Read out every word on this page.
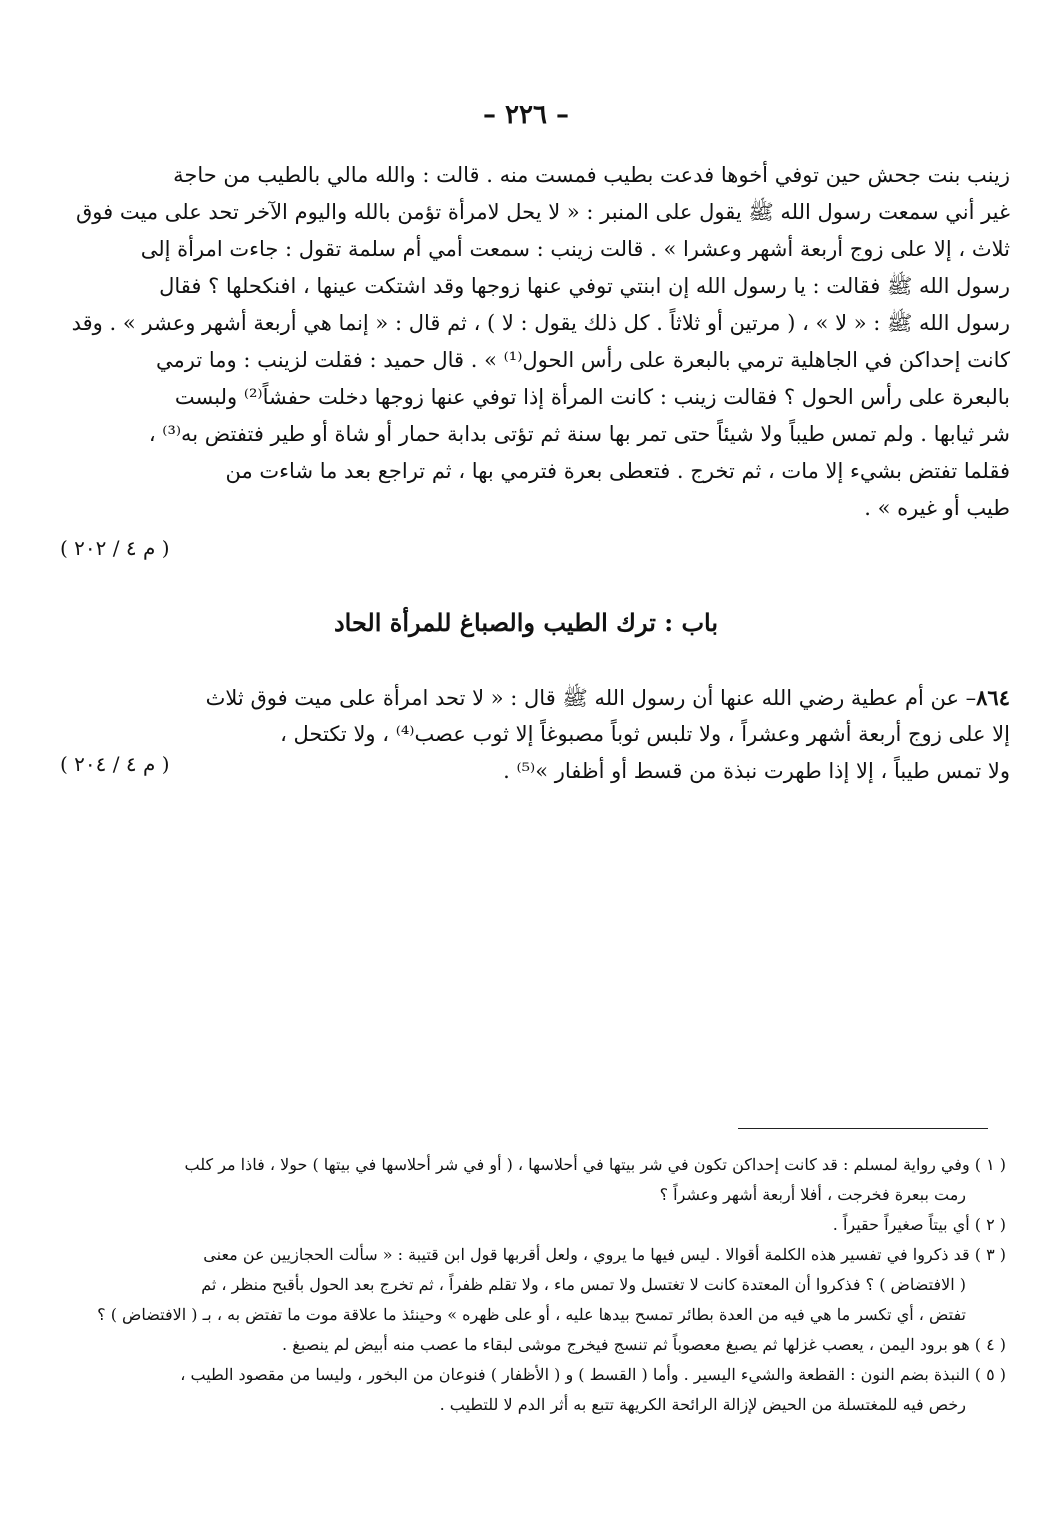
– ٢٢٦ –
زينب بنت جحش حين توفي أخوها فدعت بطيب فمست منه . قالت : والله مالي بالطيب من حاجة
غير أني سمعت رسول الله ﷺ يقول على المنبر : « لا يحل لامرأة تؤمن بالله واليوم الآخر تحد على ميت فوق
ثلاث ، إلا على زوج أربعة أشهر وعشرا » . قالت زينب : سمعت أمي أم سلمة تقول : جاءت امرأة إلى
رسول الله ﷺ فقالت : يا رسول الله إن ابنتي توفي عنها زوجها وقد اشتكت عينها ، افنكحلها ؟ فقال
رسول الله ﷺ : « لا » ، ( مرتين أو ثلاثاً . كل ذلك يقول : لا ) ، ثم قال : « إنما هي أربعة أشهر وعشر » . وقد
كانت إحداكن في الجاهلية ترمي بالبعرة على رأس الحول⁽¹⁾ » . قال حميد : فقلت لزينب : وما ترمي
بالبعرة على رأس الحول ؟ فقالت زينب : كانت المرأة إذا توفي عنها زوجها دخلت حفشاً⁽²⁾ ولبست
شر ثيابها . ولم تمس طيباً ولا شيئاً حتى تمر بها سنة ثم تؤتى بدابة حمار أو شاة أو طير فتفتض به⁽³⁾ ،
فقلما تفتض بشيء إلا مات ، ثم تخرج . فتعطى بعرة فترمي بها ، ثم تراجع بعد ما شاءت من
طيب أو غيره » .
( م ٤ / ٢٠٢ )
باب : ترك الطيب والصباغ للمرأة الحاد
٨٦٤– عن أم عطية رضي الله عنها أن رسول الله ﷺ قال : « لا تحد امرأة على ميت فوق ثلاث
إلا على زوج أربعة أشهر وعشراً ، ولا تلبس ثوباً مصبوغاً إلا ثوب عصب⁽⁴⁾ ، ولا تكتحل ،
ولا تمس طيباً ، إلا إذا طهرت نبذة من قسط أو أظفار »⁽⁵⁾ .
( م ٤ / ٢٠٤ )
( ١ ) وفي رواية لمسلم : قد كانت إحداكن تكون في شر بيتها في أحلاسها ، ( أو في شر أحلاسها في بيتها ) حولا ، فاذا مر كلب
رمت ببعرة فخرجت ، أفلا أربعة أشهر وعشراً ؟
( ٢ ) أي بيتاً صغيراً حقيراً .
( ٣ ) قد ذكروا في تفسير هذه الكلمة أقوالا . ليس فيها ما يروي ، ولعل أقربها قول ابن قتيبة : « سألت الحجازيين عن معنى
( الافتضاض ) ؟ فذكروا أن المعتدة كانت لا تغتسل ولا تمس ماء ، ولا تقلم ظفراً ، ثم تخرج بعد الحول بأقبح منظر ، ثم
تفتض ، أي تكسر ما هي فيه من العدة بطائر تمسح بيدها عليه ، أو على ظهره » وحينئذ ما علاقة موت ما تفتض به ، بـ ( الافتضاض ) ؟
( ٤ ) هو برود اليمن ، يعصب غزلها ثم يصبغ معصوباً ثم تنسج فيخرج موشى لبقاء ما عصب منه أبيض لم ينصبغ .
( ٥ ) النبذة بضم النون : القطعة والشيء اليسير . وأما ( القسط ) و ( الأظفار ) فنوعان من البخور ، وليسا من مقصود الطيب ،
رخص فيه للمغتسلة من الحيض لإزالة الرائحة الكريهة تتبع به أثر الدم لا للتطيب .
